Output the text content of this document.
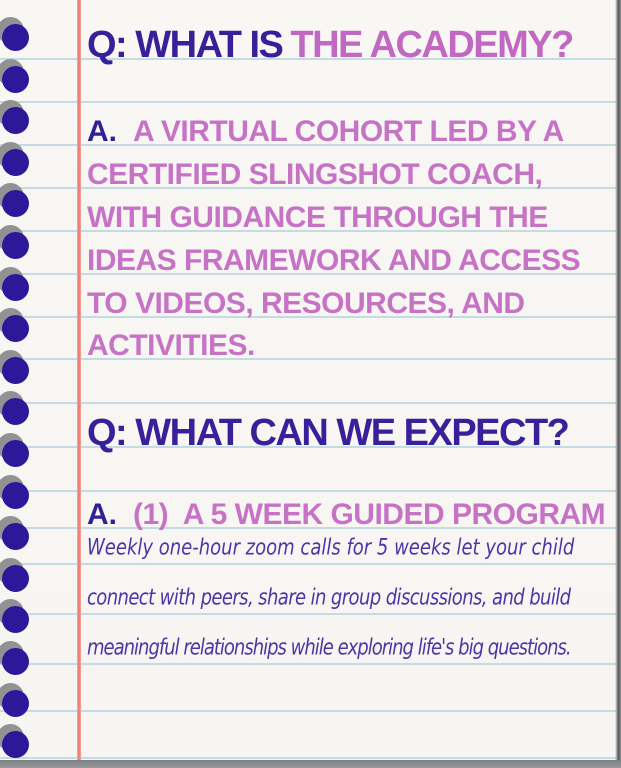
Q: WHAT IS THE ACADEMY?
A. A VIRTUAL COHORT LED BY A
CERTIFIED SLINGSHOT COACH,
WITH GUIDANCE THROUGH THE
IDEAS FRAMEWORK AND ACCESS
TO VIDEOS, RESOURCES, AND
ACTIVITIES.
Q: WHAT CAN WE EXPECT?
A. (1)  A 5 WEEK GUIDED PROGRAM
Weekly one-hour zoom calls for 5 weeks let your child
connect with peers, share in group discussions, and build
meaningful relationships while exploring life's big questions.
